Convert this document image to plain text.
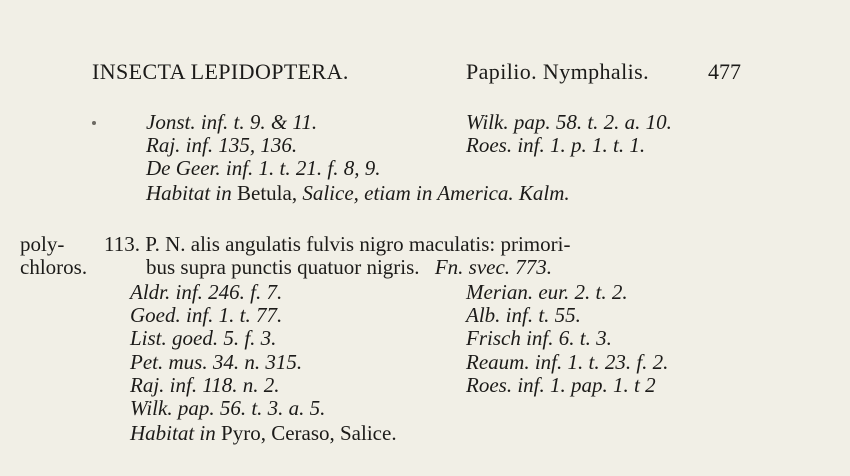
INSECTA LEPIDOPTERA.	Papilio. Nymphalis.	477
Jonst. inf. t. 9. & 11.	Wilk. pap. 58. t. 2. a. 10.
Raj. inf. 135, 136.	Roes. inf. 1. p. 1. t. 1.
De Geer. inf. 1. t. 21. f. 8, 9.
Habitat in Betula, Salice, etiam in America. Kalm.
poly-
chloros.
113. P. N. alis angulatis fulvis nigro maculatis: primori-
bus supra punctis quatuor nigris. Fn. svec. 773.
Aldr. inf. 246. f. 7.	Merian. eur. 2. t. 2.
Goed. inf. 1. t. 77.	Alb. inf. t. 55.
List. goed. 5. f. 3.	Frisch inf. 6. t. 3.
Pet. mus. 34. n. 315.	Reaum. inf. 1. t. 23. f. 2.
Raj. inf. 118. n. 2.	Roes. inf. 1. pap. 1. t 2
Wilk. pap. 56. t. 3. a. 5.
Habitat in Pyro, Ceraso, Salice.
